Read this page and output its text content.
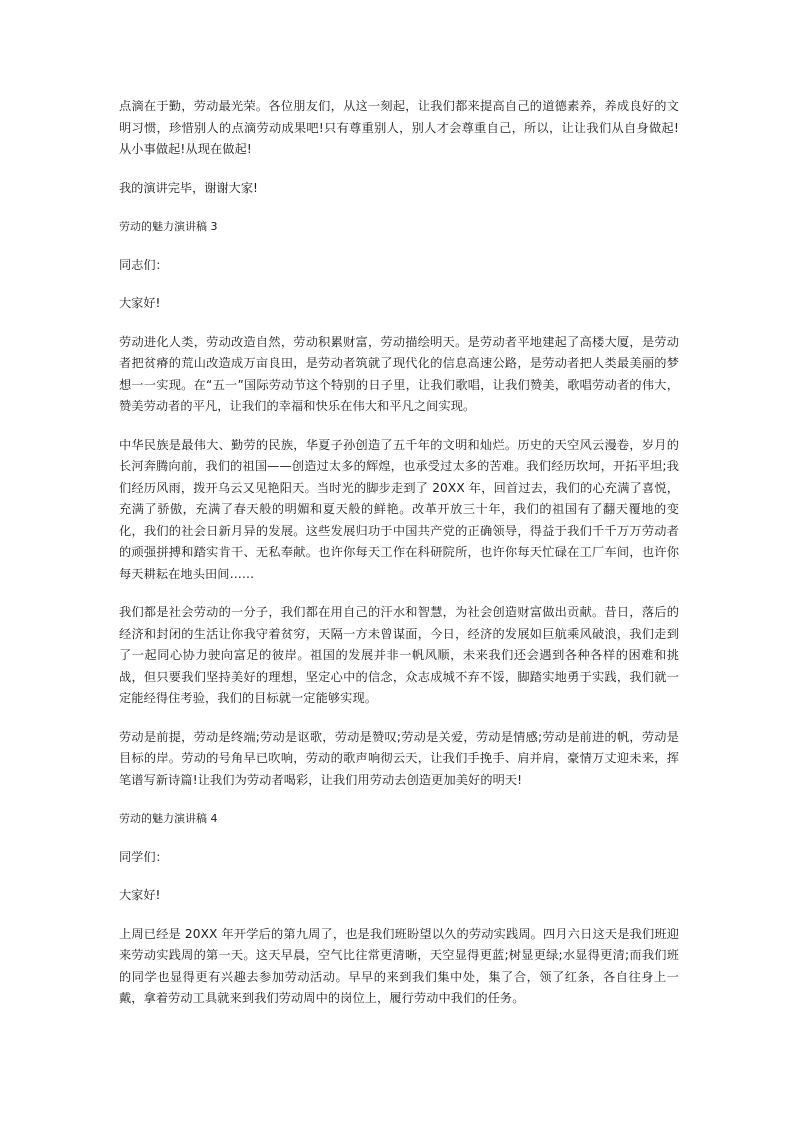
点滴在于勤，劳动最光荣。各位朋友们，从这一刻起，让我们都来提高自己的道德素养，养成良好的文明习惯，珍惜别人的点滴劳动成果吧!只有尊重别人，别人才会尊重自己，所以，让让我们从自身做起!从小事做起!从现在做起!

我的演讲完毕，谢谢大家!

劳动的魅力演讲稿 3

同志们：

大家好!

劳动进化人类，劳动改造自然，劳动积累财富，劳动描绘明天。是劳动者平地建起了高楼大厦，是劳动者把贫瘠的荒山改造成万亩良田，是劳动者筑就了现代化的信息高速公路，是劳动者把人类最美丽的梦想一一实现。在“五一”国际劳动节这个特别的日子里，让我们歌唱，让我们赞美，歌唱劳动者的伟大，赞美劳动者的平凡，让我们的幸福和快乐在伟大和平凡之间实现。

中华民族是最伟大、勤劳的民族，华夏子孙创造了五千年的文明和灿烂。历史的天空风云漫卷，岁月的长河奔腾向前，我们的祖国——创造过太多的辉煌，也承受过太多的苦难。我们经历坎坷，开拓平坦;我们经历风雨，拨开乌云又见艳阳天。当时光的脚步走到了 20XX 年，回首过去，我们的心充满了喜悦，充满了骄傲，充满了春天般的明媚和夏天般的鲜艳。改革开放三十年，我们的祖国有了翻天覆地的变化，我们的社会日新月异的发展。这些发展归功于中国共产党的正确领导，得益于我们千千万万劳动者的顽强拼搏和踏实肯干、无私奉献。也许你每天工作在科研院所，也许你每天忙碌在工厂车间，也许你每天耕耘在地头田间……

我们都是社会劳动的一分子，我们都在用自己的汗水和智慧，为社会创造财富做出贡献。昔日，落后的经济和封闭的生活让你我守着贫穷，天隔一方未曾谋面，今日，经济的发展如巨航乘风破浪，我们走到了一起同心协力驶向富足的彼岸。祖国的发展并非一帆风顺，未来我们还会遇到各种各样的困难和挑战，但只要我们坚持美好的理想，坚定心中的信念，众志成城不弃不馁，脚踏实地勇于实践，我们就一定能经得住考验，我们的目标就一定能够实现。

劳动是前提，劳动是终端;劳动是讴歌，劳动是赞叹;劳动是关爱，劳动是情感;劳动是前进的帆，劳动是目标的岸。劳动的号角早已吹响，劳动的歌声响彻云天，让我们手挽手、肩并肩，豪情万丈迎未来，挥笔谱写新诗篇!让我们为劳动者喝彩，让我们用劳动去创造更加美好的明天!

劳动的魅力演讲稿 4

同学们：

大家好!

上周已经是 20XX 年开学后的第九周了，也是我们班盼望以久的劳动实践周。四月六日这天是我们班迎来劳动实践周的第一天。这天早晨，空气比往常更清晰，天空显得更蓝;树显更绿;水显得更清;而我们班的同学也显得更有兴趣去参加劳动活动。早早的来到我们集中处，集了合，领了红条，各自往身上一戴，拿着劳动工具就来到我们劳动周中的岗位上，履行劳动中我们的任务。
